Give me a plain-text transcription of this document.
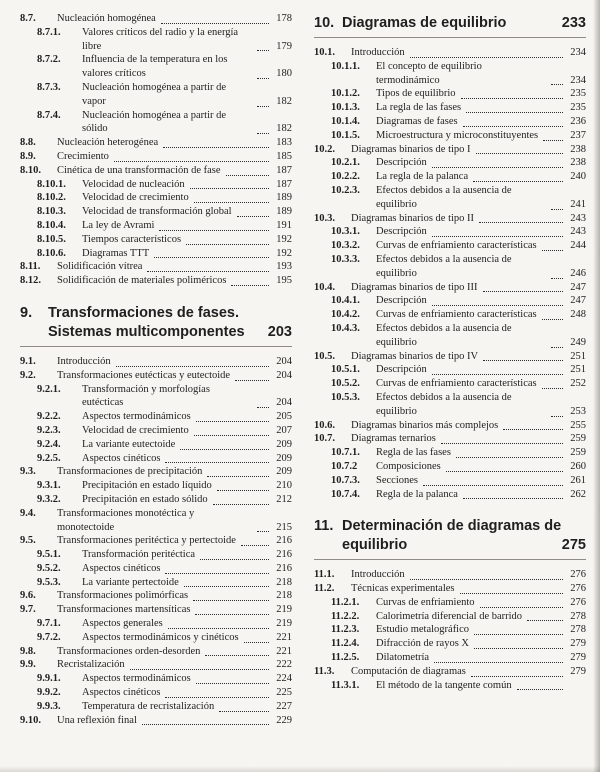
8.7.	Nucleación homogénea	178
8.7.1.	Valores críticos del radio y la energía libre	179
8.7.2.	Influencia de la temperatura en los valores críticos	180
8.7.3.	Nucleación homogénea a partir de vapor	182
8.7.4.	Nucleación homogénea a partir de sólido	182
8.8.	Nucleación heterogénea	183
8.9.	Crecimiento	185
8.10.	Cinética de una transformación de fase	187
8.10.1.	Velocidad de nucleación	187
8.10.2.	Velocidad de crecimiento	189
8.10.3.	Velocidad de transformación global	189
8.10.4.	La ley de Avrami	191
8.10.5.	Tiempos característicos	192
8.10.6.	Diagramas TTT	192
8.11.	Solidificación vítrea	193
8.12.	Solidificación de materiales poliméricos	195
9.	Transformaciones de fases. Sistemas multicomponentes	203
9.1.	Introducción	204
9.2.	Transformaciones eutécticas y eutectoide	204
9.2.1.	Transformación y morfologías eutécticas	204
9.2.2.	Aspectos termodinámicos	205
9.2.3.	Velocidad de crecimiento	207
9.2.4.	La variante eutectoide	209
9.2.5.	Aspectos cinéticos	209
9.3.	Transformaciones de precipitación	209
9.3.1.	Precipitación en estado líquido	210
9.3.2.	Precipitación en estado sólido	212
9.4.	Transformaciones monotéctica y monotectoide	215
9.5.	Transformaciones peritéctica y pertectoide	216
9.5.1.	Transformación peritéctica	216
9.5.2.	Aspectos cinéticos	216
9.5.3.	La variante pertectoide	218
9.6.	Transformaciones polimórficas	218
9.7.	Transformaciones martensíticas	219
9.7.1.	Aspectos generales	219
9.7.2.	Aspectos termodinámicos y cinéticos	221
9.8.	Transformaciones orden-desorden	221
9.9.	Recristalización	222
9.9.1.	Aspectos termodinámicos	224
9.9.2.	Aspectos cinéticos	225
9.9.3.	Temperatura de recristalización	227
9.10.	Una reflexión final	229
10. Diagramas de equilibrio	233
10.1.	Introducción	234
10.1.1.	El concepto de equilibrio termodinámico	234
10.1.2.	Tipos de equilibrio	235
10.1.3.	La regla de las fases	235
10.1.4.	Diagramas de fases	236
10.1.5.	Microestructura y microconstituyentes	237
10.2.	Diagramas binarios de tipo I	238
10.2.1.	Descripción	238
10.2.2.	La regla de la palanca	240
10.2.3.	Efectos debidos a la ausencia de equilibrio	241
10.3.	Diagramas binarios de tipo II	243
10.3.1.	Descripción	243
10.3.2.	Curvas de enfriamiento características	244
10.3.3.	Efectos debidos a la ausencia de equilibrio	246
10.4.	Diagramas binarios de tipo III	247
10.4.1.	Descripción	247
10.4.2.	Curvas de enfriamiento características	248
10.4.3.	Efectos debidos a la ausencia de equilibrio	249
10.5.	Diagramas binarios de tipo IV	251
10.5.1.	Descripción	251
10.5.2.	Curvas de enfriamiento características	252
10.5.3.	Efectos debidos a la ausencia de equilibrio	253
10.6.	Diagramas binarios más complejos	255
10.7.	Diagramas ternarios	259
10.7.1.	Regla de las fases	259
10.7.2	Composiciones	260
10.7.3.	Secciones	261
10.7.4.	Regla de la palanca	262
11. Determinación de diagramas de equilibrio	275
11.1.	Introducción	276
11.2.	Técnicas experimentales	276
11.2.1.	Curvas de enfriamiento	276
11.2.2.	Calorimetría diferencial de barrido	278
11.2.3.	Estudio metalográfico	278
11.2.4.	Difracción de rayos X	279
11.2.5.	Dilatometría	279
11.3.	Computación de diagramas	279
11.3.1.	El método de la tangente común
